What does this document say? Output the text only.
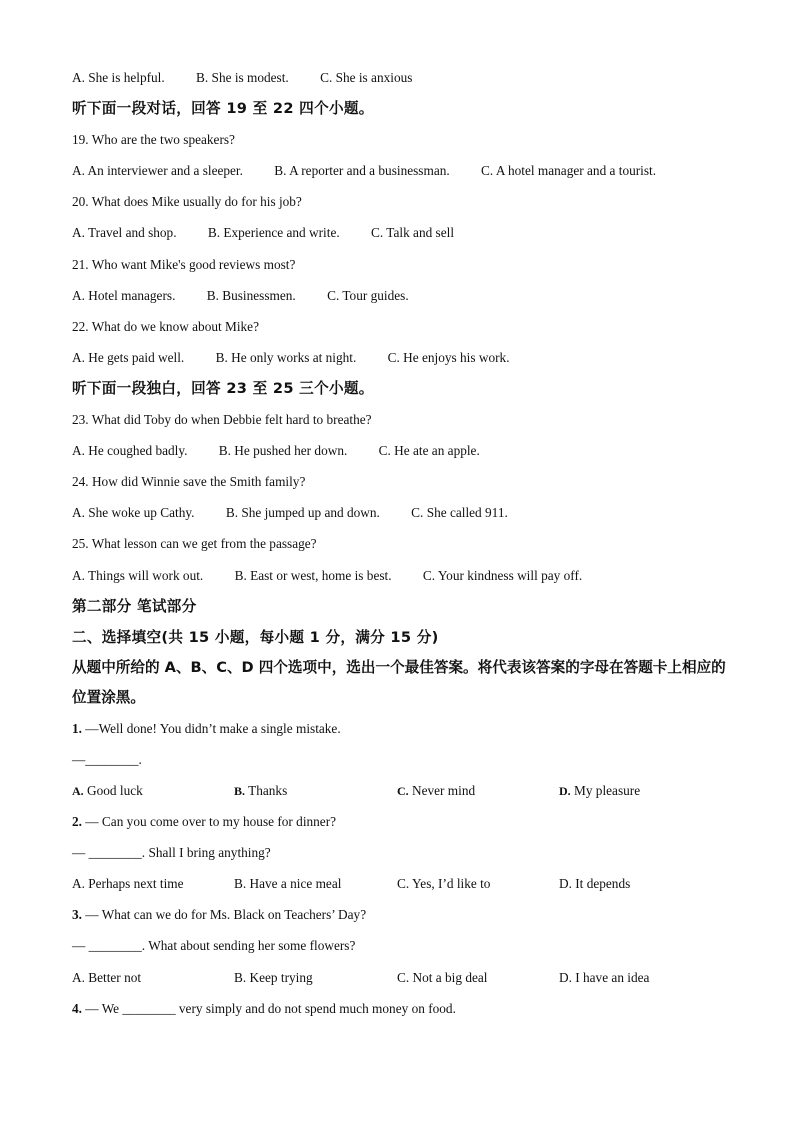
A. She is helpful. B. She is modest. C. She is anxious
听下面一段对话，回答 19 至 22 四个小题。
19. Who are the two speakers?
A. An interviewer and a sleeper. B. A reporter and a businessman. C. A hotel manager and a tourist.
20. What does Mike usually do for his job?
A. Travel and shop. B. Experience and write. C. Talk and sell
21. Who want Mike's good reviews most?
A. Hotel managers. B. Businessmen. C. Tour guides.
22. What do we know about Mike?
A. He gets paid well. B. He only works at night. C. He enjoys his work.
听下面一段独白，回答 23 至 25 三个小题。
23. What did Toby do when Debbie felt hard to breathe?
A. He coughed badly. B. He pushed her down. C. He ate an apple.
24. How did Winnie save the Smith family?
A. She woke up Cathy. B. She jumped up and down. C. She called 911.
25. What lesson can we get from the passage?
A. Things will work out. B. East or west, home is best. C. Your kindness will pay off.
第二部分 笔试部分
二、选择填空(共 15 小题，每小题 1 分，满分 15 分)
从题中所给的 A、B、C、D 四个选项中，选出一个最佳答案。将代表该答案的字母在答题卡上相应的位置涂黑。
1. —Well done! You didn’t make a single mistake.
—________.
A. Good luck	B. Thanks	C. Never mind	D. My pleasure
2. — Can you come over to my house for dinner?
— ________. Shall I bring anything?
A. Perhaps next time	B. Have a nice meal	C. Yes, I’d like to	D. It depends
3. — What can we do for Ms. Black on Teachers’ Day?
— ________. What about sending her some flowers?
A. Better not	B. Keep trying	C. Not a big deal	D. I have an idea
4. — We ________ very simply and do not spend much money on food.
